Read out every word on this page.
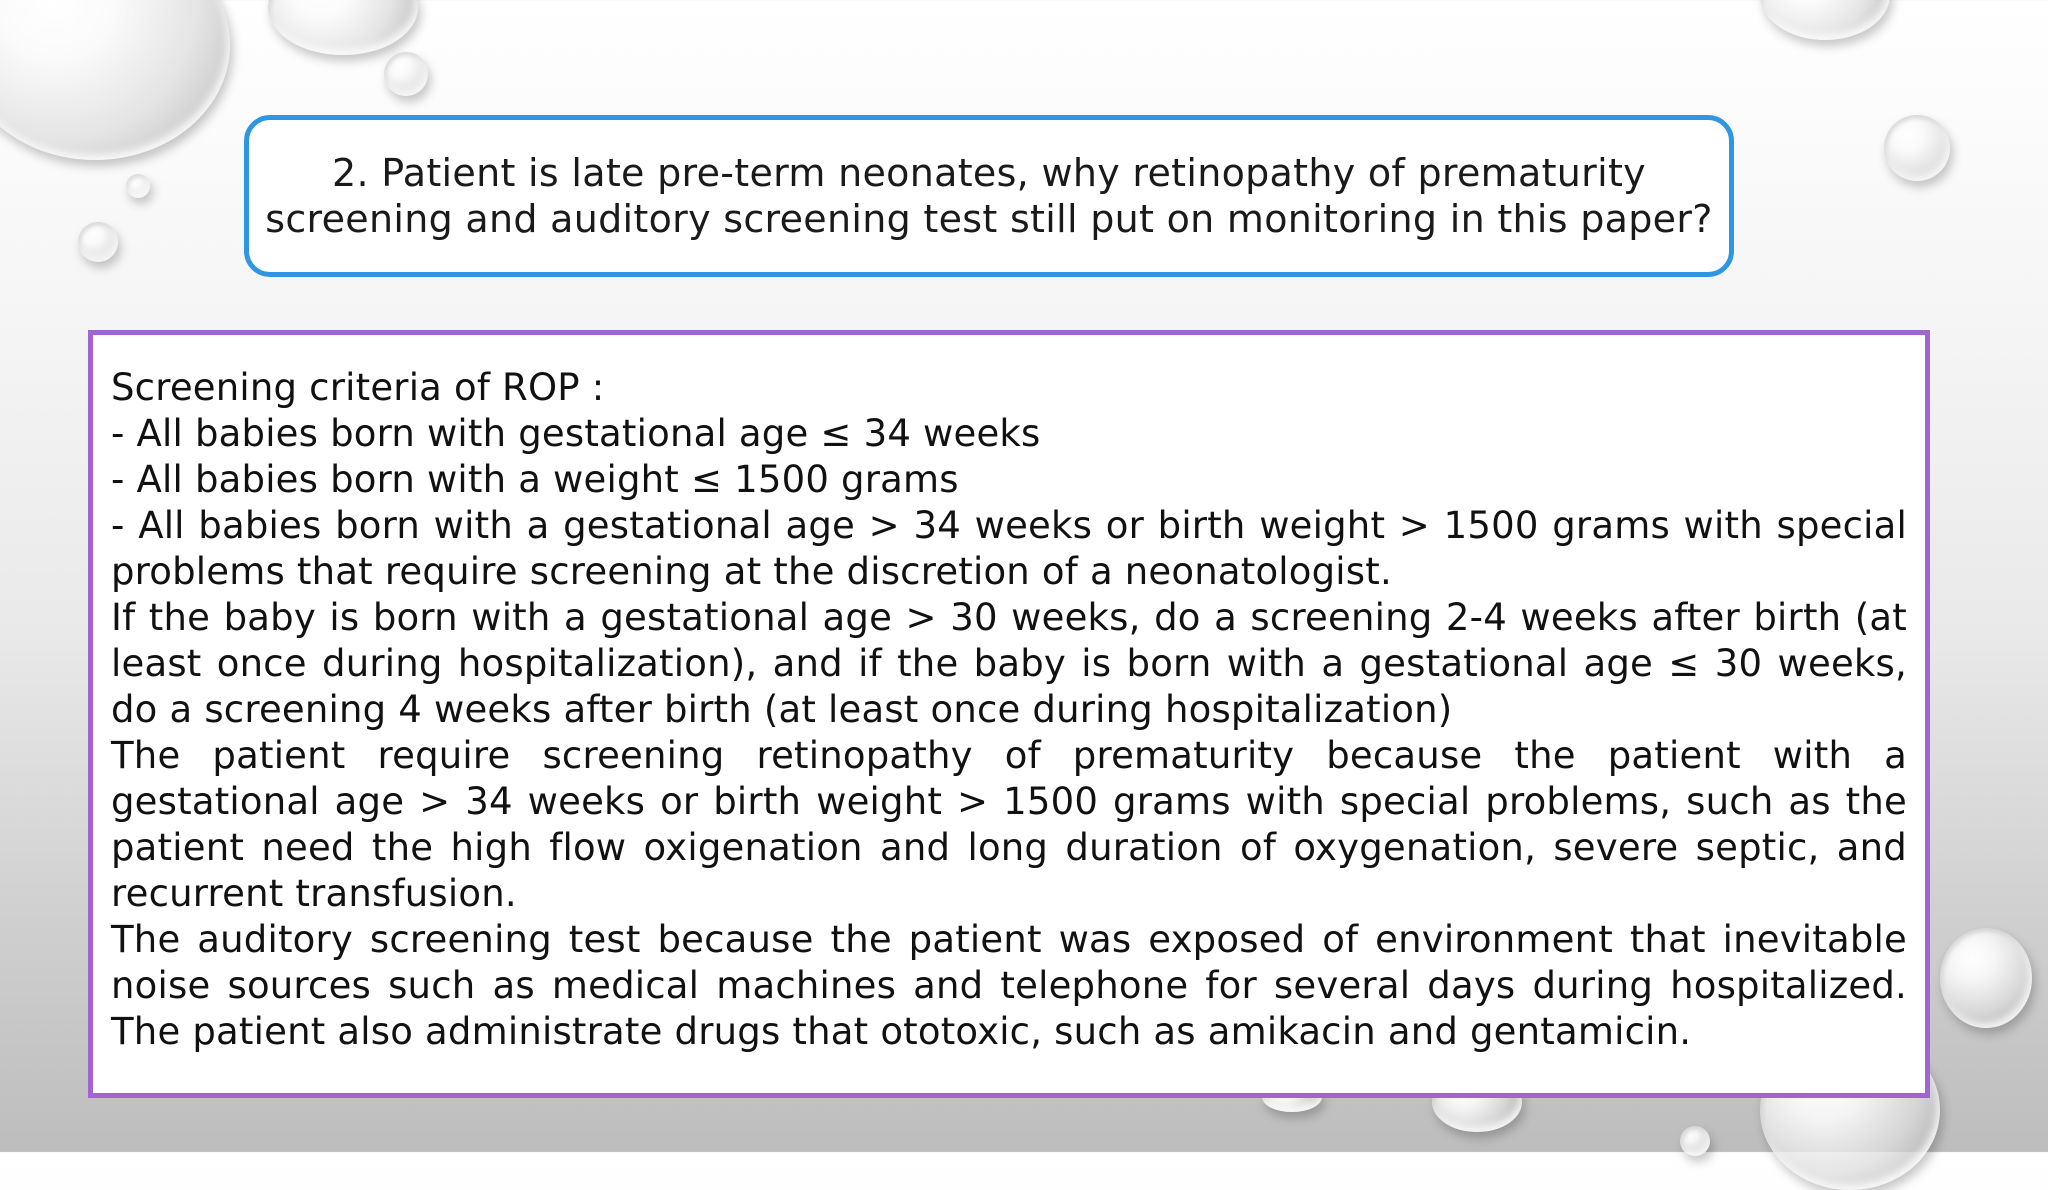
2. Patient is late pre-term neonates, why retinopathy of prematurity
screening and auditory screening test still put on monitoring in this paper?
Screening criteria of ROP :
- All babies born with gestational age ≤ 34 weeks
- All babies born with a weight ≤ 1500 grams
- All babies born with a gestational age > 34 weeks or birth weight > 1500 grams with special problems that require screening at the discretion of a neonatologist.
If the baby is born with a gestational age > 30 weeks, do a screening 2-4 weeks after birth (at least once during hospitalization), and if the baby is born with a gestational age ≤ 30 weeks, do a screening 4 weeks after birth (at least once during hospitalization)
The patient require screening retinopathy of prematurity because the patient with a gestational age > 34 weeks or birth weight > 1500 grams with special problems, such as the patient need the high flow oxigenation and long duration of oxygenation, severe septic, and recurrent transfusion.
The auditory screening test because the patient was exposed of environment that inevitable noise sources such as medical machines and telephone for several days during hospitalized. The patient also administrate drugs that ototoxic, such as amikacin and gentamicin.
